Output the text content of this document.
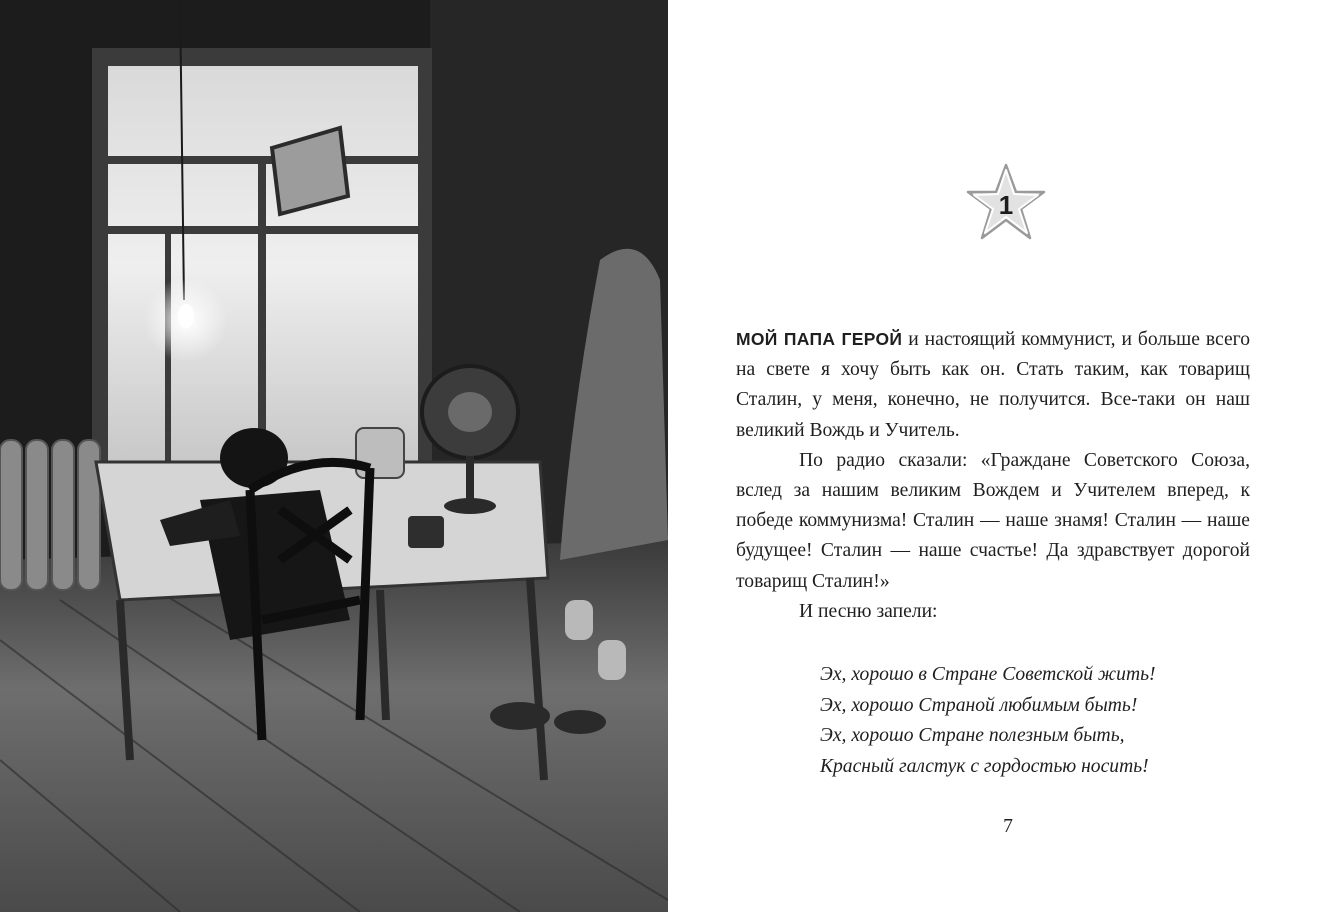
1

МОЙ ПАПА ГЕРОЙ и настоящий коммунист, и больше всего на свете я хочу быть как он. Стать таким, как товарищ Сталин, у меня, конечно, не получится. Все-таки он наш великий Вождь и Учитель.

По радио сказали: «Граждане Советского Союза, вслед за нашим великим Вождем и Учителем вперед, к победе коммунизма! Сталин — наше знамя! Сталин — наше будущее! Сталин — наше счастье! Да здравствует дорогой товарищ Сталин!»

И песню запели:

Эх, хорошо в Стране Советской жить!
Эх, хорошо Страной любимым быть!
Эх, хорошо Стране полезным быть,
Красный галстук с гордостью носить!
7
